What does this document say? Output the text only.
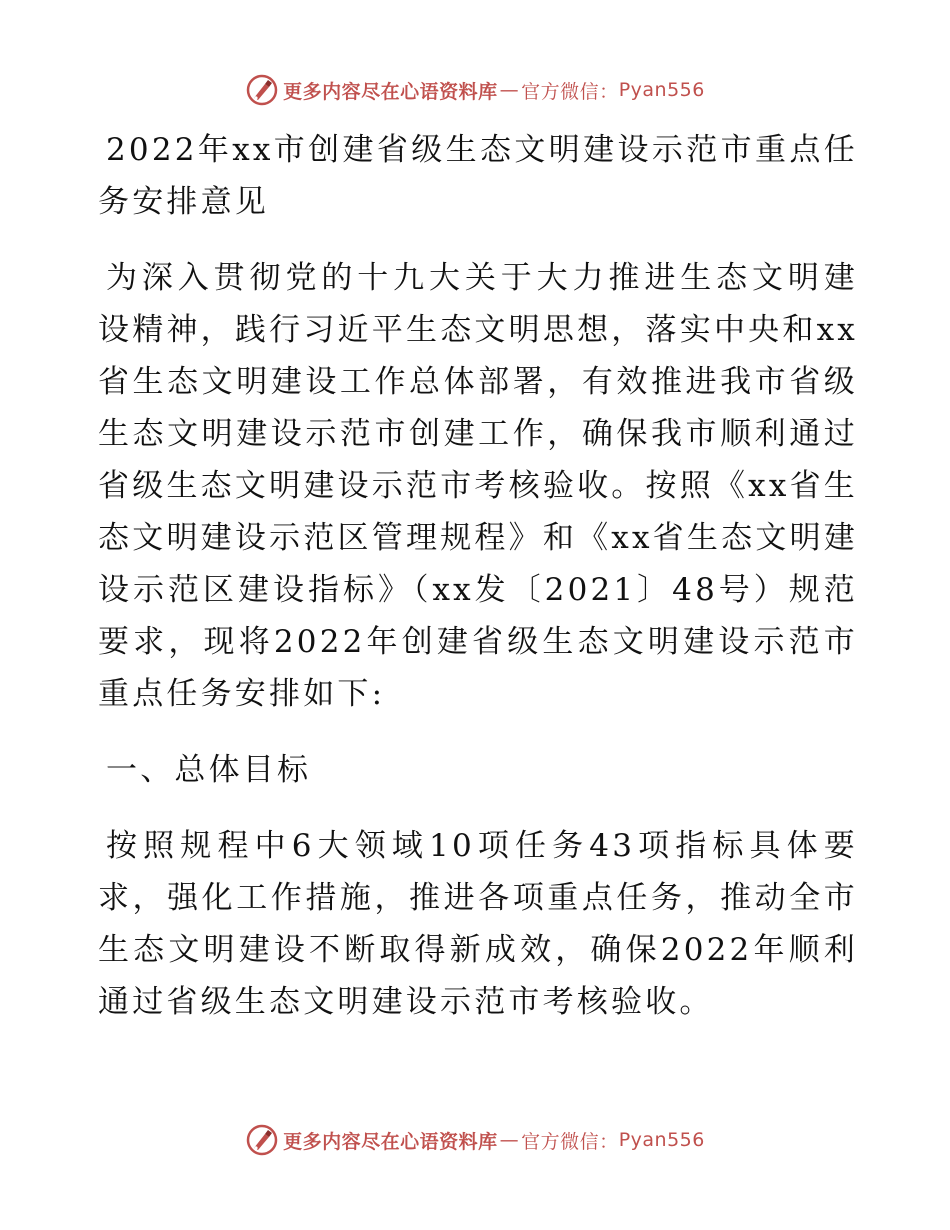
更多内容尽在心语资料库 — 官方微信： Pyan556

2022年xx市创建省级生态文明建设示范市重点任务安排意见

为深入贯彻党的十九大关于大力推进生态文明建设精神，践行习近平生态文明思想，落实中央和xx省生态文明建设工作总体部署，有效推进我市省级生态文明建设示范市创建工作，确保我市顺利通过省级生态文明建设示范市考核验收。按照《xx省生态文明建设示范区管理规程》和《xx省生态文明建设示范区建设指标》（xx发〔2021〕48号）规范要求，现将2022年创建省级生态文明建设示范市重点任务安排如下:

一、总体目标

按照规程中6大领域10项任务43项指标具体要求，强化工作措施，推进各项重点任务，推动全市生态文明建设不断取得新成效，确保2022年顺利通过省级生态文明建设示范市考核验收。

更多内容尽在心语资料库 — 官方微信： Pyan556
